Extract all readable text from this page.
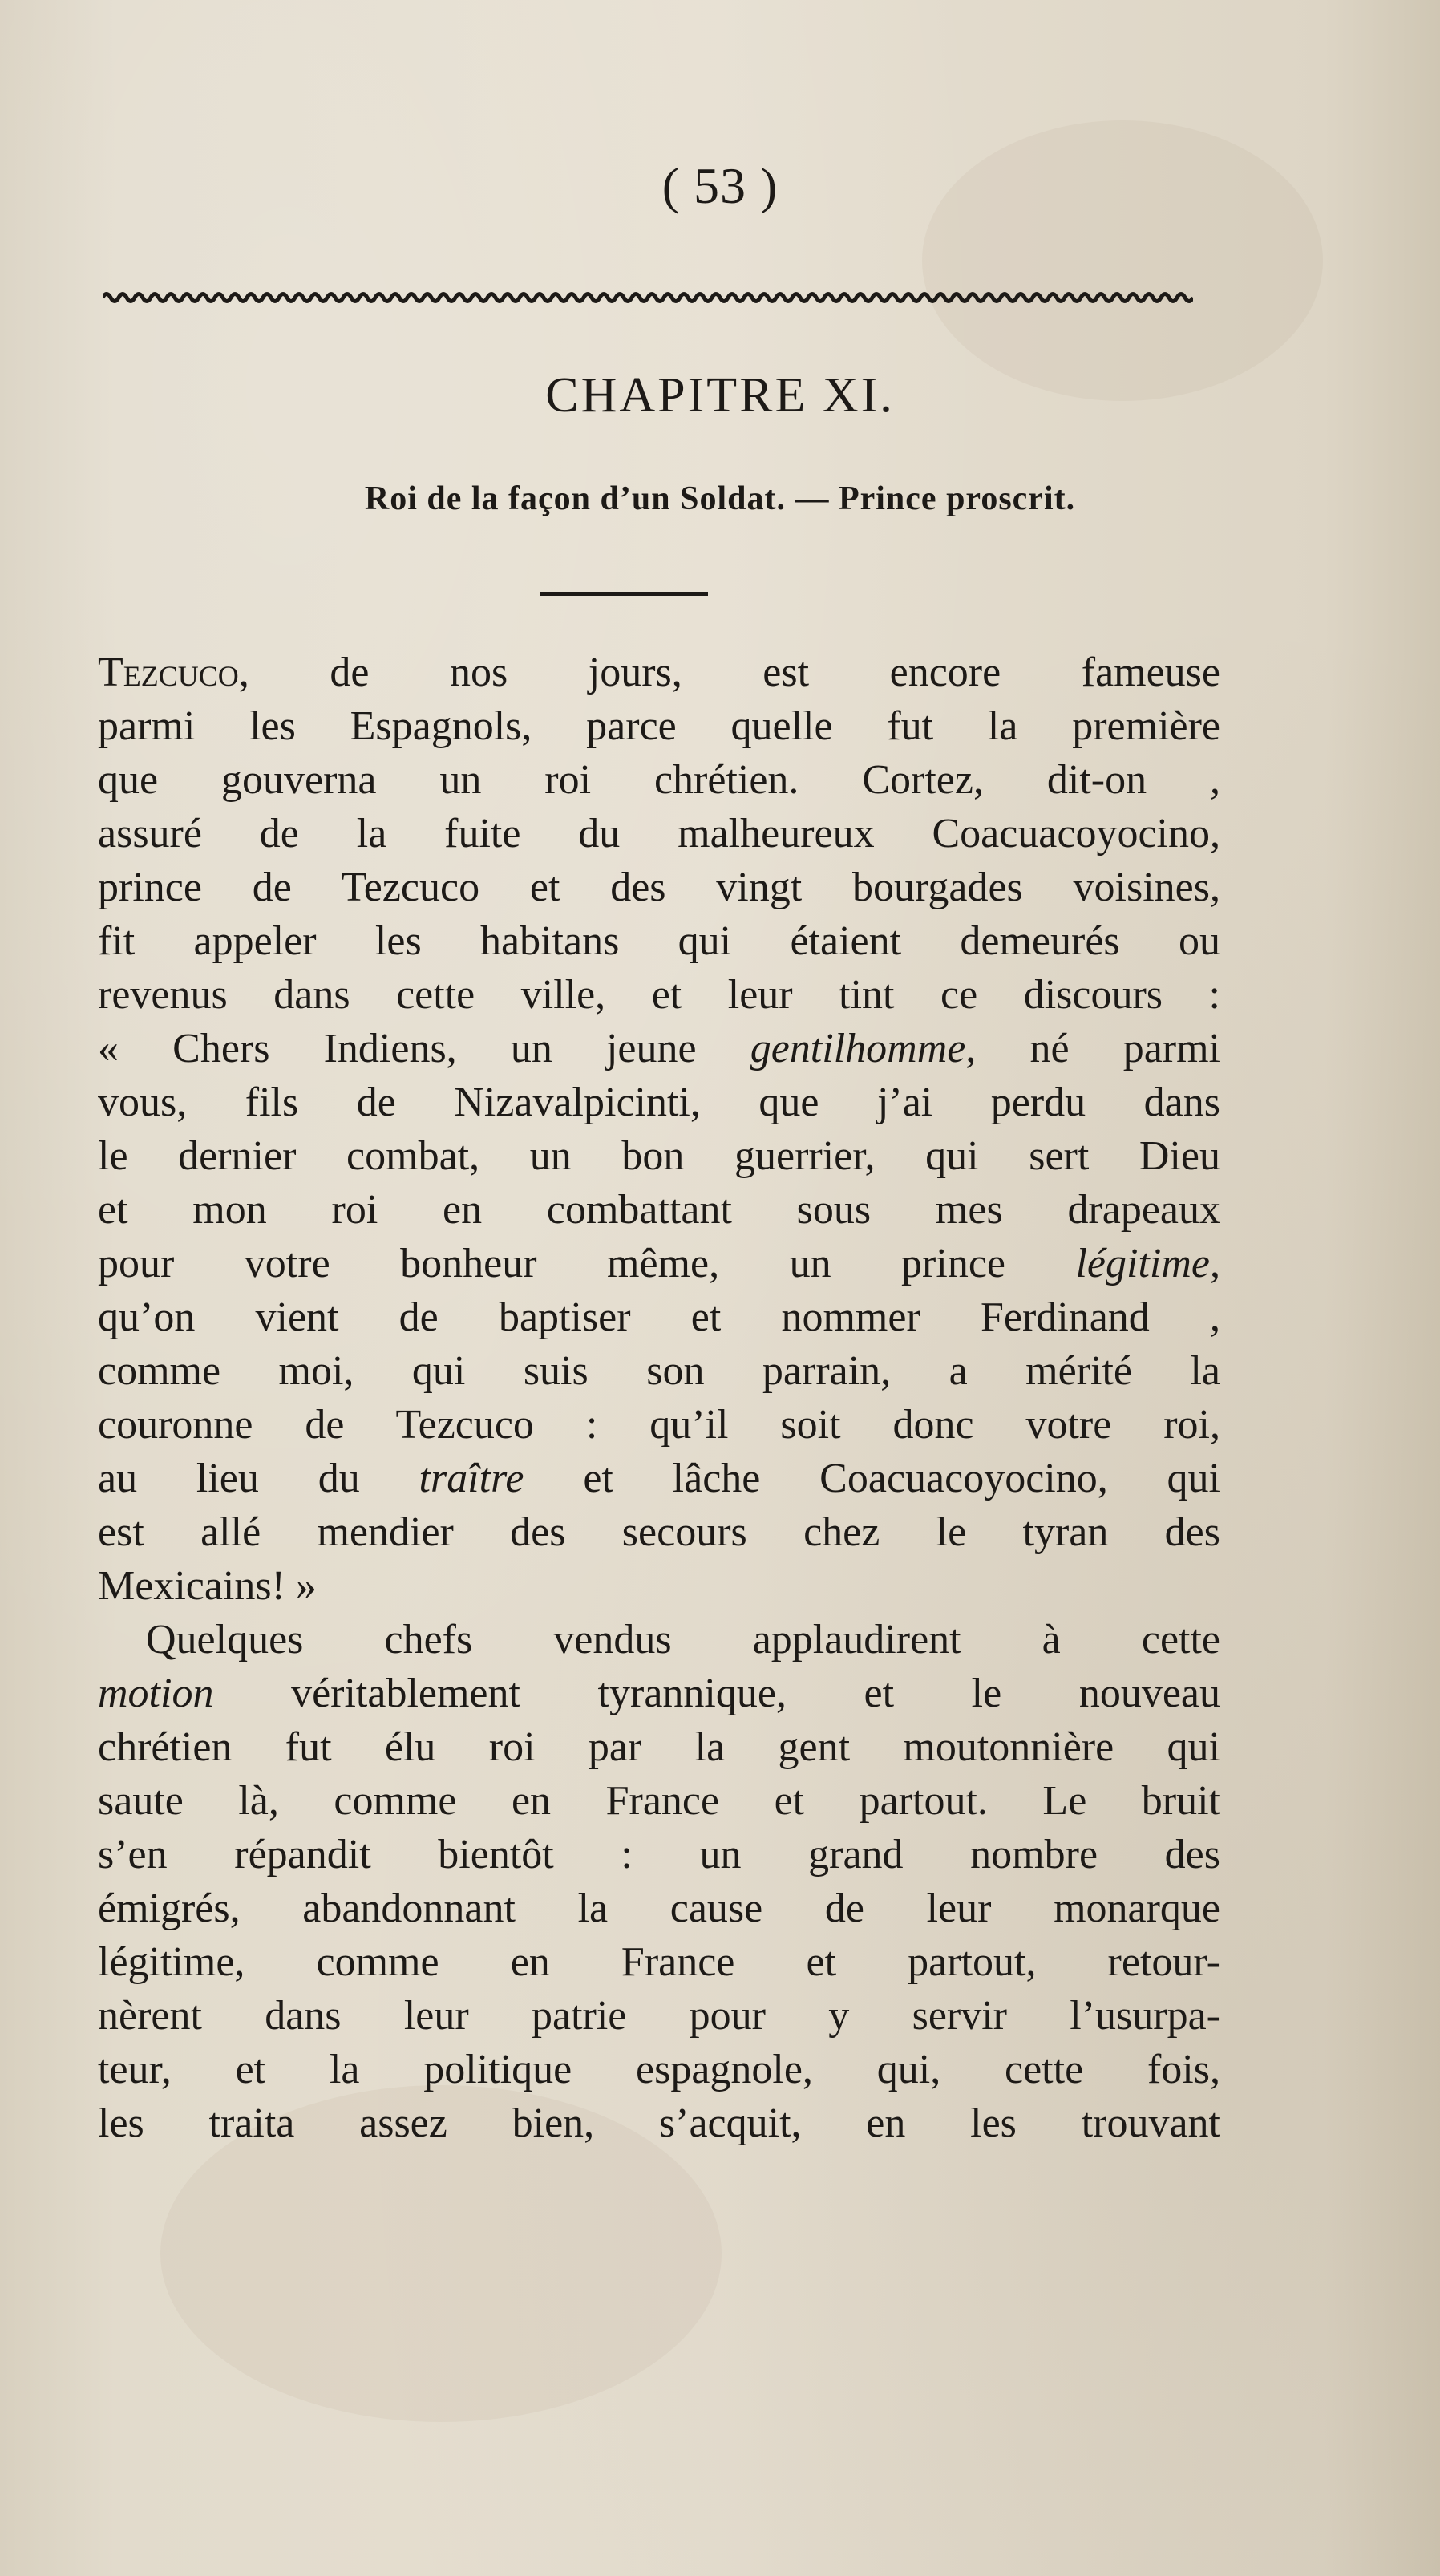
( 53 )
CHAPITRE XI.
Roi de la façon d’un Soldat. — Prince proscrit.
Tezcuco, de nos jours, est encore fameuse
parmi les Espagnols, parce quelle fut la première
que gouverna un roi chrétien. Cortez, dit-on ,
assuré de la fuite du malheureux Coacuacoyocino,
prince de Tezcuco et des vingt bourgades voisines,
fit appeler les habitans qui étaient demeurés ou
revenus dans cette ville, et leur tint ce discours :
« Chers Indiens, un jeune gentilhomme, né parmi
vous, fils de Nizavalpicinti, que j’ai perdu dans
le dernier combat, un bon guerrier, qui sert Dieu
et mon roi en combattant sous mes drapeaux
pour votre bonheur même, un prince légitime,
qu’on vient de baptiser et nommer Ferdinand ,
comme moi, qui suis son parrain, a mérité la
couronne de Tezcuco : qu’il soit donc votre roi,
au lieu du traître et lâche Coacuacoyocino, qui
est allé mendier des secours chez le tyran des
Mexicains! »
Quelques chefs vendus applaudirent à cette
motion véritablement tyrannique, et le nouveau
chrétien fut élu roi par la gent moutonnière qui
saute là, comme en France et partout. Le bruit
s’en répandit bientôt : un grand nombre des
émigrés, abandonnant la cause de leur monarque
légitime, comme en France et partout, retour-
nèrent dans leur patrie pour y servir l’usurpa-
teur, et la politique espagnole, qui, cette fois,
les traita assez bien, s’acquit, en les trouvant
